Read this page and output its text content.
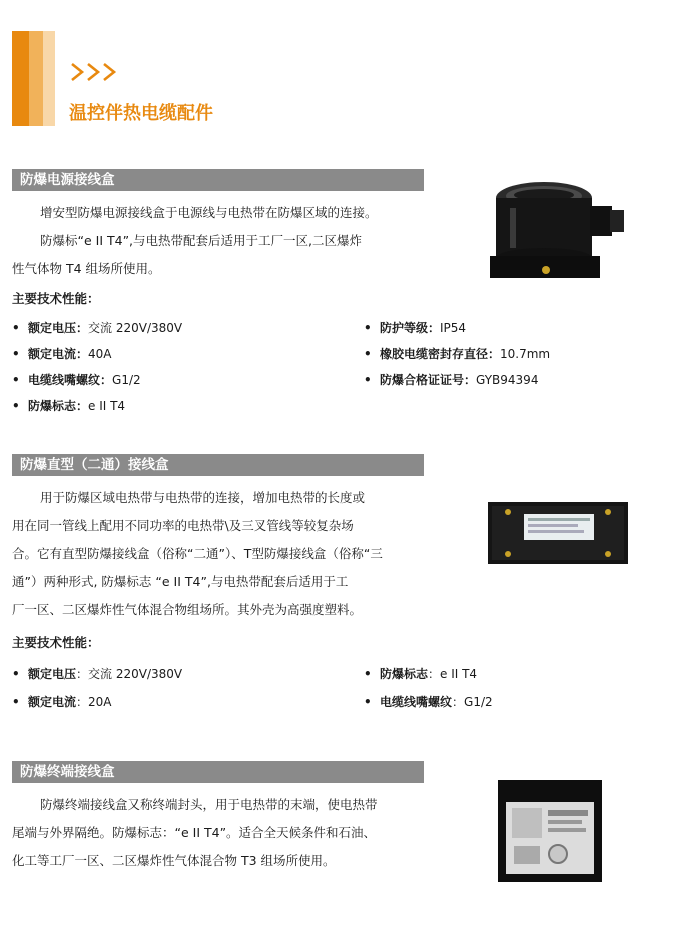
温控伴热电缆配件
防爆电源接线盒
增安型防爆电源接线盒于电源线与电热带在防爆区域的连接。
防爆标“e II T4”,与电热带配套后适用于工厂一区,二区爆炸
性气体物 T4 组场所使用。
主要技术性能：
• 额定电压：交流 220V/380V
• 额定电流：40A
• 电缆线嘴螺纹：G1/2
• 防爆标志：e II T4
• 防护等级：IP54
• 橡胶电缆密封存直径：10.7mm
• 防爆合格证证号：GYB94394
防爆直型（二通）接线盒
用于防爆区域电热带与电热带的连接，增加电热带的长度或
用在同一管线上配用不同功率的电热带\及三叉管线等较复杂场
合。它有直型防爆接线盒（俗称“二通”）、T型防爆接线盒（俗称“三
通”）两种形式, 防爆标志 “e II T4”,与电热带配套后适用于工
厂一区、二区爆炸性气体混合物组场所。其外壳为高强度塑料。
主要技术性能：
• 额定电压：交流 220V/380V
• 额定电流：20A
• 防爆标志：e II T4
• 电缆线嘴螺纹：G1/2
防爆终端接线盒
防爆终端接线盒又称终端封头，用于电热带的末端，使电热带
尾端与外界隔绝。防爆标志：“e II T4”。适合全天候条件和石油、
化工等工厂一区、二区爆炸性气体混合物 T3 组场所使用。
